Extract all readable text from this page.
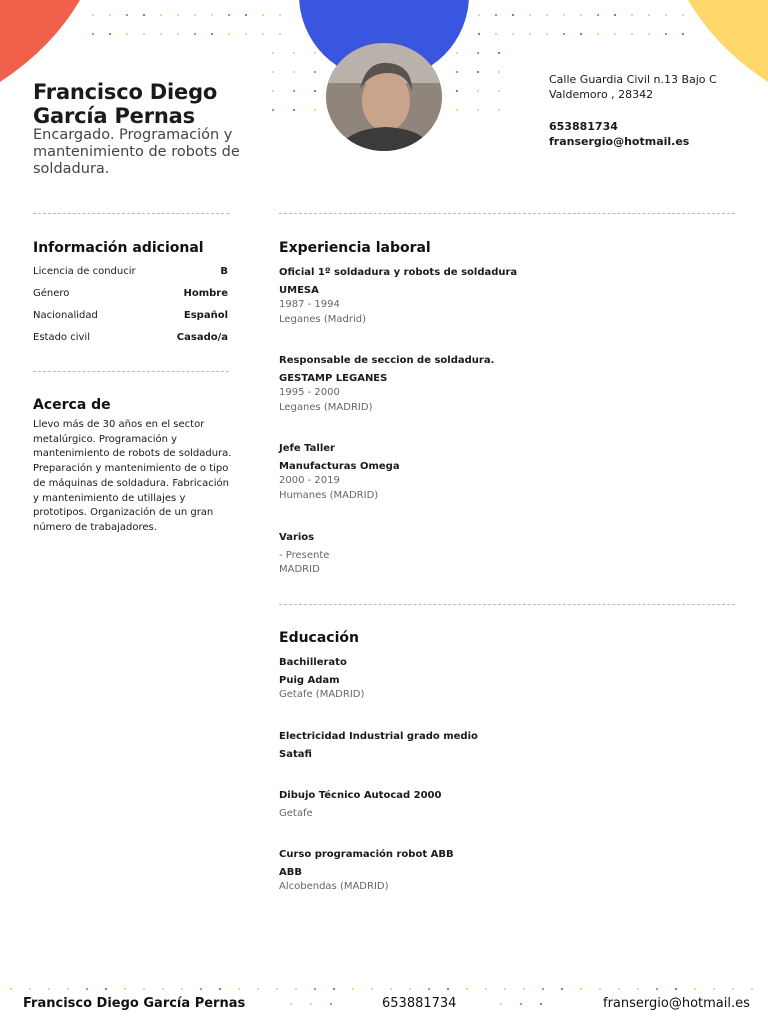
Francisco Diego García Pernas
Encargado. Programación y mantenimiento de robots de soldadura.
Calle Guardia Civil n.13 Bajo C
Valdemoro , 28342
653881734
fransergio@hotmail.es
Información adicional
Licencia de conducir	B
Género	Hombre
Nacionalidad	Español
Estado civil	Casado/a
Acerca de
Llevo más de 30 años en el sector metalúrgico. Programación y mantenimiento de robots de soldadura. Preparación y mantenimiento de o tipo de máquinas de soldadura. Fabricación y mantenimiento de utillajes y prototipos. Organización de un gran número de trabajadores.
Experiencia laboral
Oficial 1º soldadura y robots de soldadura
UMESA
1987 - 1994
Leganes (Madrid)
Responsable de seccion de soldadura.
GESTAMP LEGANES
1995 - 2000
Leganes (MADRID)
Jefe Taller
Manufacturas Omega
2000 - 2019
Humanes (MADRID)
Varios
- Presente
MADRID
Educación
Bachillerato
Puig Adam
Getafe (MADRID)
Electricidad Industrial grado medio
Satafi
Dibujo Técnico Autocad 2000
Getafe
Curso programación robot ABB
ABB
Alcobendas (MADRID)
Francisco Diego García Pernas	653881734	fransergio@hotmail.es
